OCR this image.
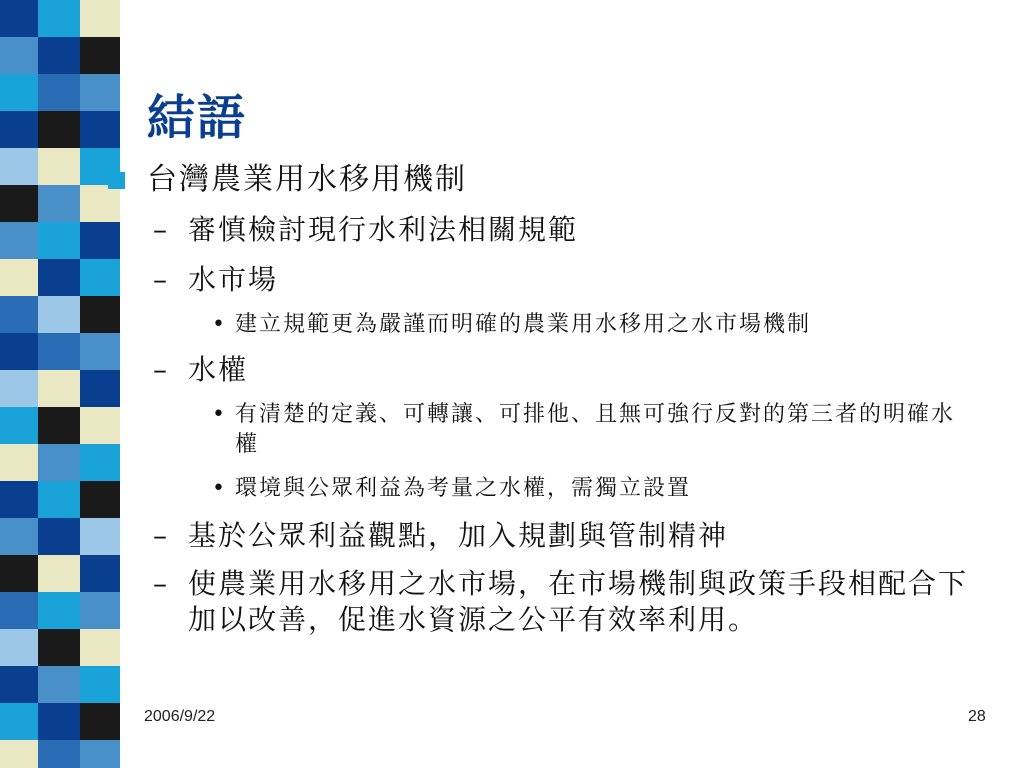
結語
台灣農業用水移用機制
– 審慎檢討現行水利法相關規範
– 水市場
• 建立規範更為嚴謹而明確的農業用水移用之水市場機制
– 水權
• 有清楚的定義、可轉讓、可排他、且無可強行反對的第三者的明確水權
• 環境與公眾利益為考量之水權，需獨立設置
– 基於公眾利益觀點，加入規劃與管制精神
– 使農業用水移用之水市場，在市場機制與政策手段相配合下加以改善，促進水資源之公平有效率利用。
2006/9/22	28
